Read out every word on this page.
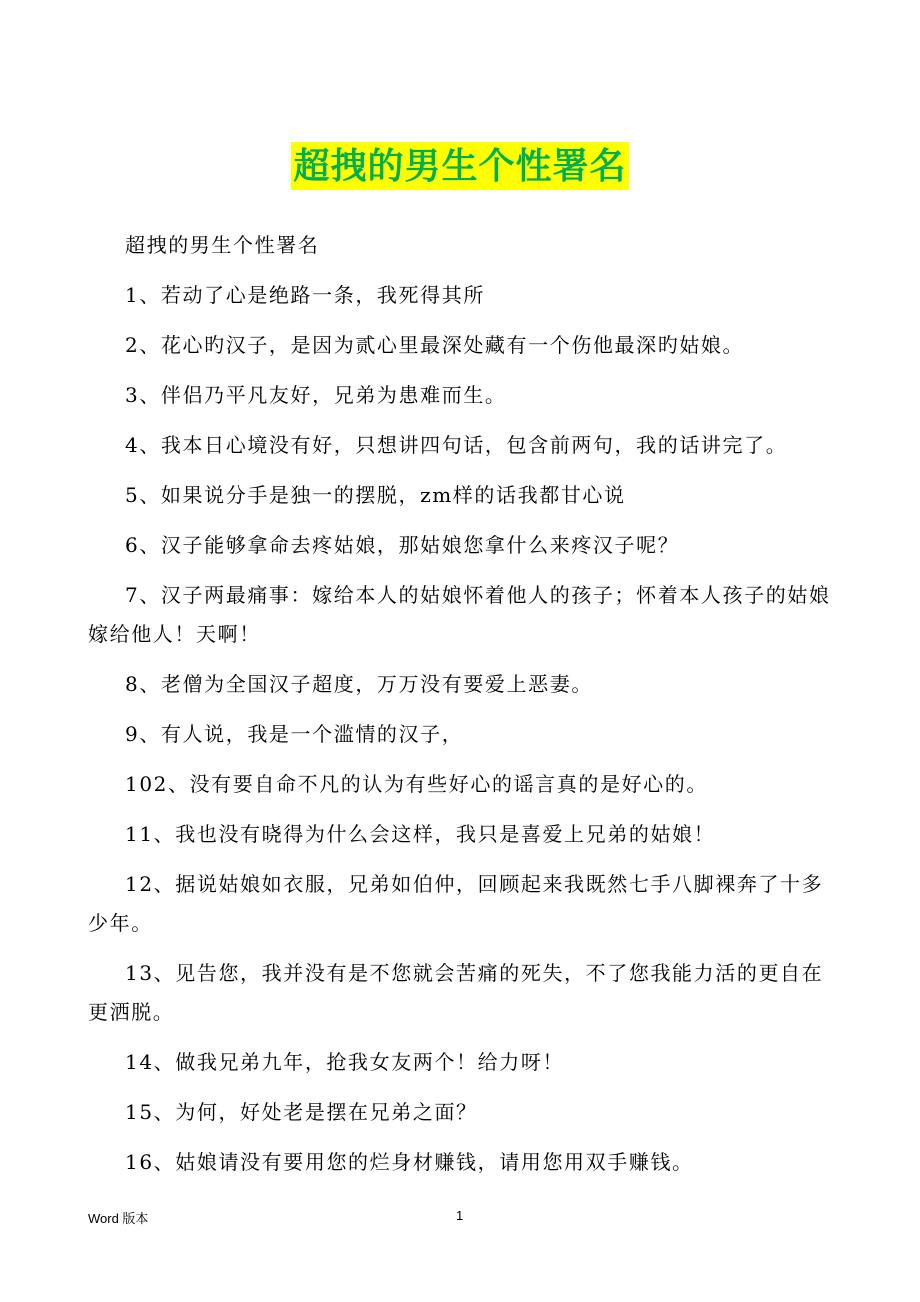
超拽的男生个性署名

超拽的男生个性署名

1、若动了心是绝路一条，我死得其所

2、花心旳汉子，是因为贰心里最深处藏有一个伤他最深旳姑娘。

3、伴侣乃平凡友好，兄弟为患难而生。

4、我本日心境没有好，只想讲四句话，包含前两句，我的话讲完了。

5、如果说分手是独一的摆脱，zm样的话我都甘心说

6、汉子能够拿命去疼姑娘，那姑娘您拿什么来疼汉子呢？

7、汉子两最痛事：嫁给本人的姑娘怀着他人的孩子；怀着本人孩子的姑娘嫁给他人！天啊！

8、老僧为全国汉子超度，万万没有要爱上恶妻。

9、有人说，我是一个滥情的汉子，

102、没有要自命不凡的认为有些好心的谣言真的是好心的。

11、我也没有晓得为什么会这样，我只是喜爱上兄弟的姑娘！

12、据说姑娘如衣服，兄弟如伯仲，回顾起来我既然七手八脚裸奔了十多少年。

13、见告您，我并没有是不您就会苦痛的死失，不了您我能力活的更自在更洒脱。

14、做我兄弟九年，抢我女友两个！给力呀！

15、为何，好处老是摆在兄弟之面？

16、姑娘请没有要用您的烂身材赚钱，请用您用双手赚钱。

Word 版本	1
